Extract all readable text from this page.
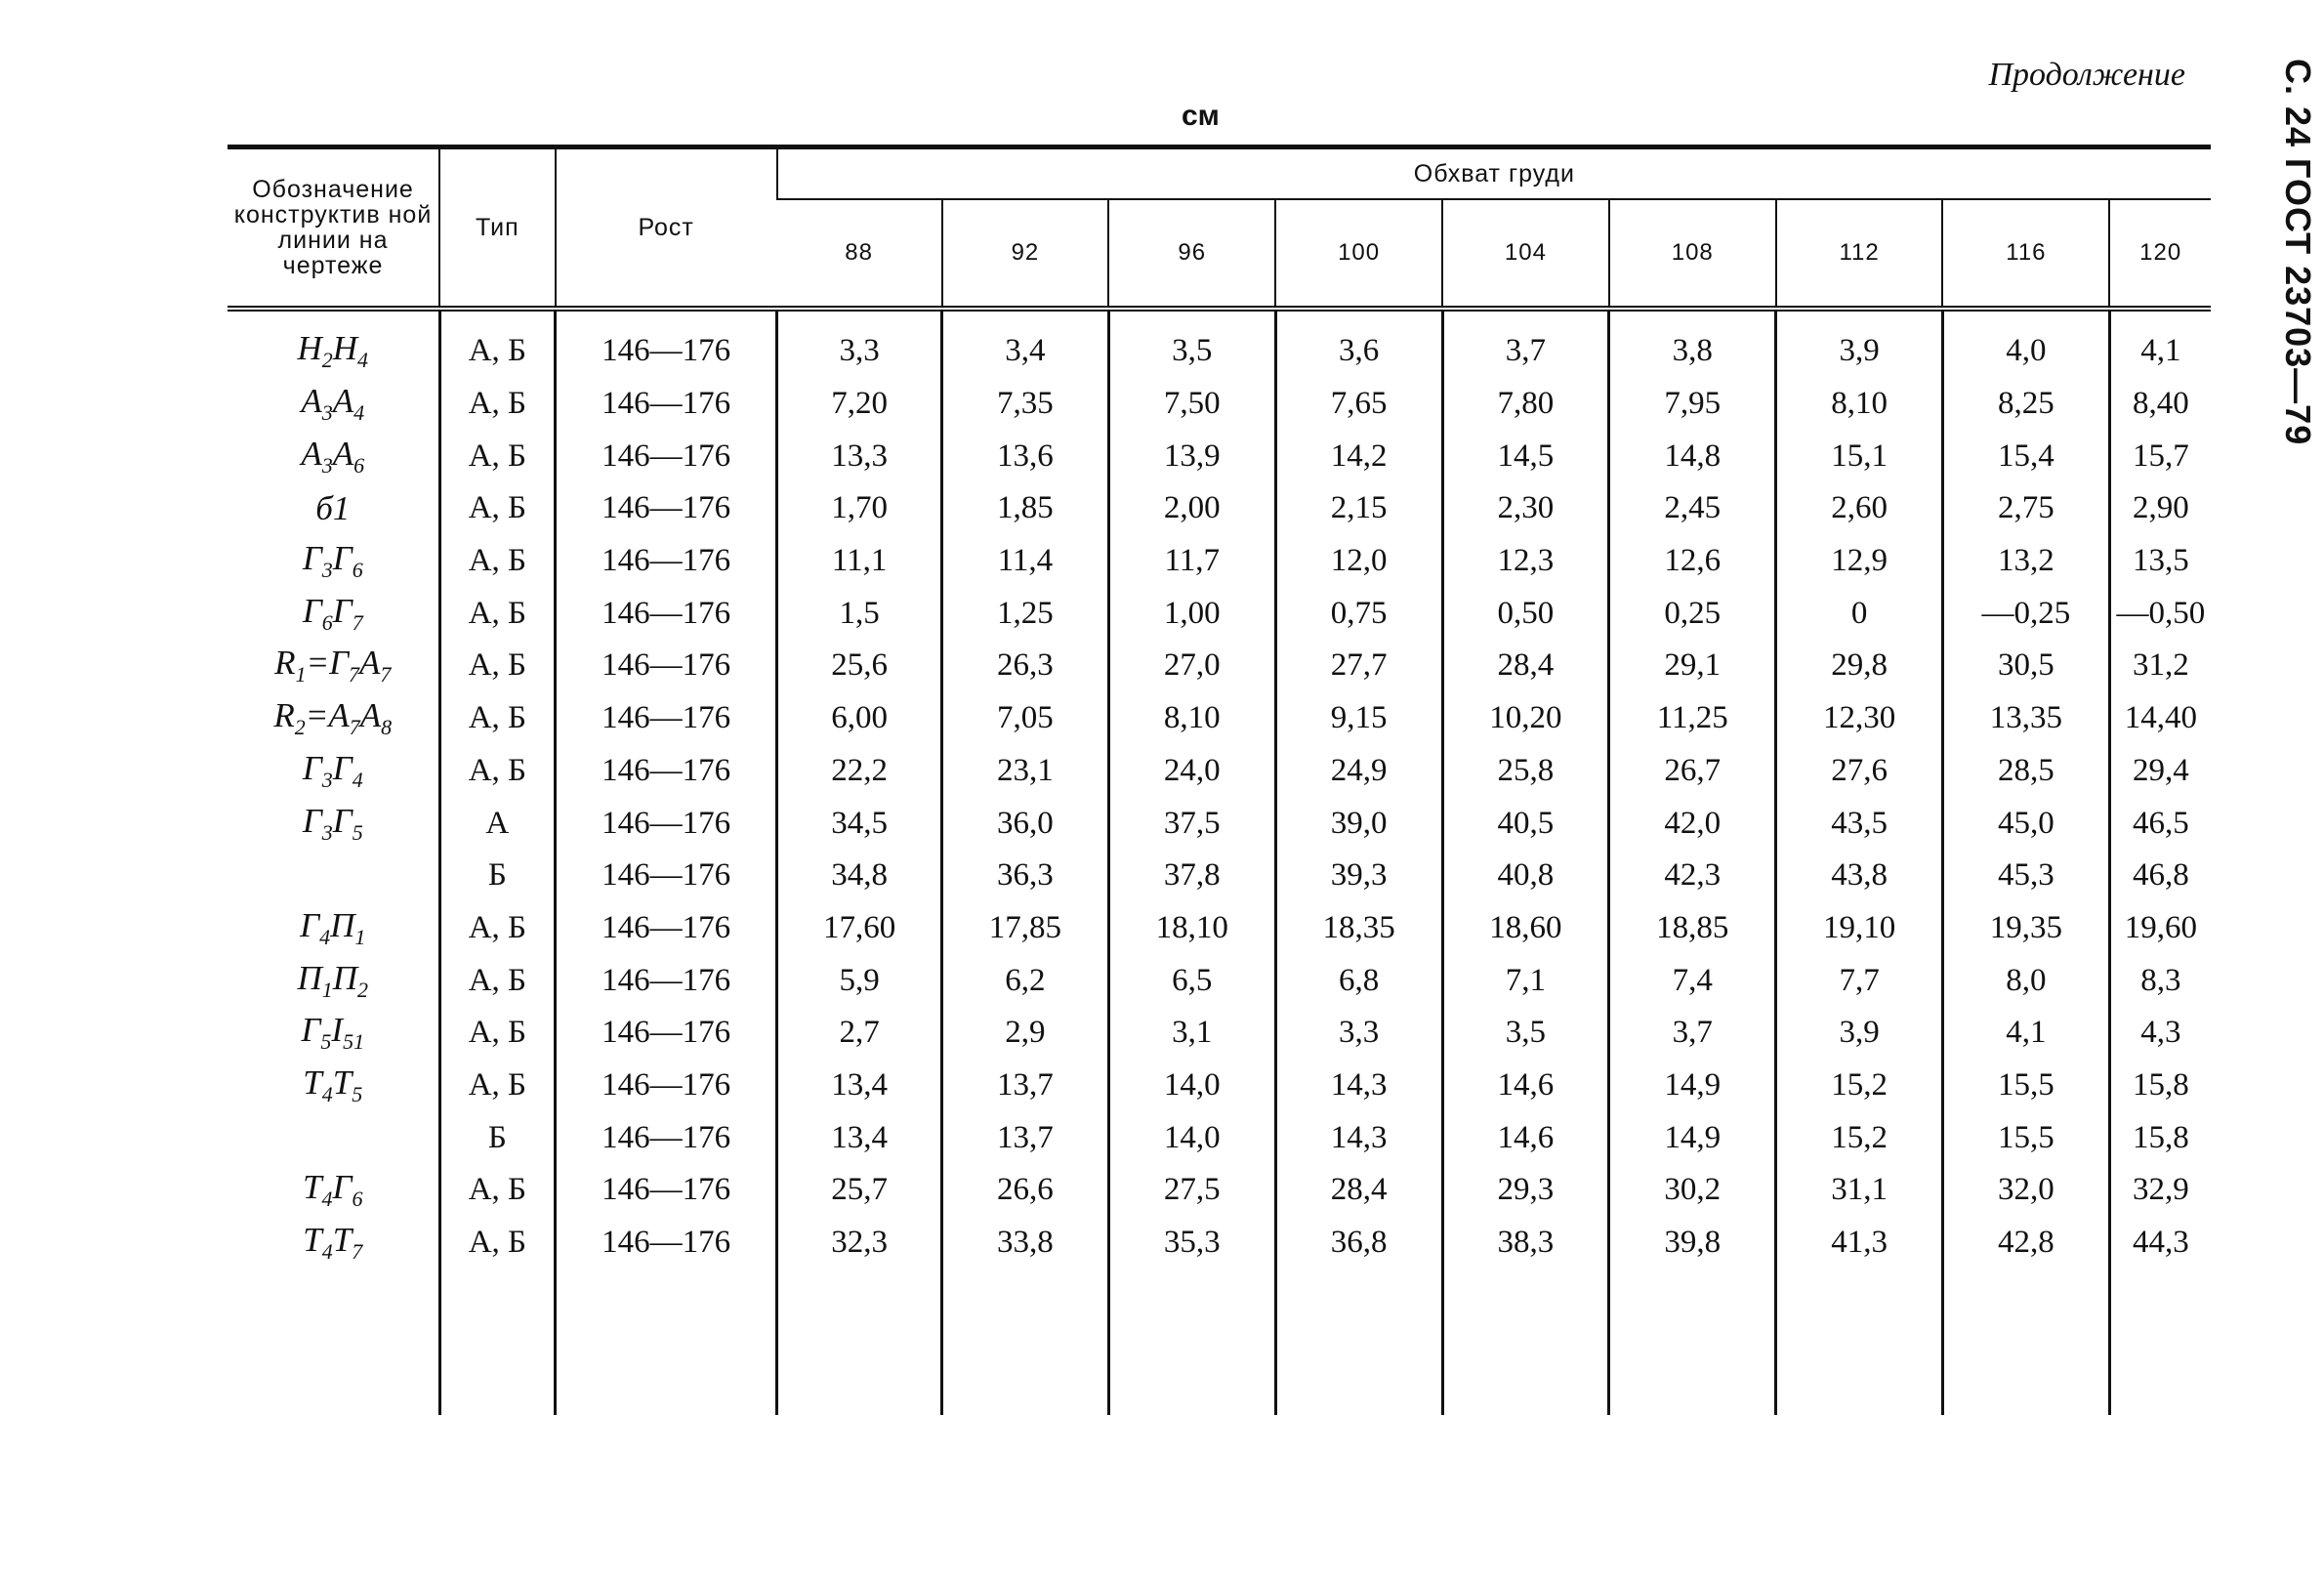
С. 24 ГОСТ 23703—79
Продолжение
см
Обозначение конструктив ной линии на чертеже	Тип	Рост	Обхват груди								
			88	92	96	100	104	108	112	116	120

$Н_2Н_4$	А, Б	146—176	3,3	3,4	3,5	3,6	3,7	3,8	3,9	4,0	4,1
$А_3А_4$	А, Б	146—176	7,20	7,35	7,50	7,65	7,80	7,95	8,10	8,25	8,40
$А_3А_6$	А, Б	146—176	13,3	13,6	13,9	14,2	14,5	14,8	15,1	15,4	15,7
б1	А, Б	146—176	1,70	1,85	2,00	2,15	2,30	2,45	2,60	2,75	2,90
$Г_3Г_6$	А, Б	146—176	11,1	11,4	11,7	12,0	12,3	12,6	12,9	13,2	13,5
$Г_6Г_7$	А, Б	146—176	1,5	1,25	1,00	0,75	0,50	0,25	0	—0,25	—0,50
$R_1=Г_7А_7$	А, Б	146—176	25,6	26,3	27,0	27,7	28,4	29,1	29,8	30,5	31,2
$R_2=А_7А_8$	А, Б	146—176	6,00	7,05	8,10	9,15	10,20	11,25	12,30	13,35	14,40
$Г_3Г_4$	А, Б	146—176	22,2	23,1	24,0	24,9	25,8	26,7	27,6	28,5	29,4
$Г_3Г_5$	А	146—176	34,5	36,0	37,5	39,0	40,5	42,0	43,5	45,0	46,5
	Б	146—176	34,8	36,3	37,8	39,3	40,8	42,3	43,8	45,3	46,8
$Г_4П_1$	А, Б	146—176	17,60	17,85	18,10	18,35	18,60	18,85	19,10	19,35	19,60
$П_1П_2$	А, Б	146—176	5,9	6,2	6,5	6,8	7,1	7,4	7,7	8,0	8,3
$Г_5I_{51}$	А, Б	146—176	2,7	2,9	3,1	3,3	3,5	3,7	3,9	4,1	4,3
$Т_4Т_5$	А, Б	146—176	13,4	13,7	14,0	14,3	14,6	14,9	15,2	15,5	15,8
	Б	146—176	13,4	13,7	14,0	14,3	14,6	14,9	15,2	15,5	15,8
$Т_4Г_6$	А, Б	146—176	25,7	26,6	27,5	28,4	29,3	30,2	31,1	32,0	32,9
$Т_4Т_7$	А, Б	146—176	32,3	33,8	35,3	36,8	38,3	39,8	41,3	42,8	44,3
